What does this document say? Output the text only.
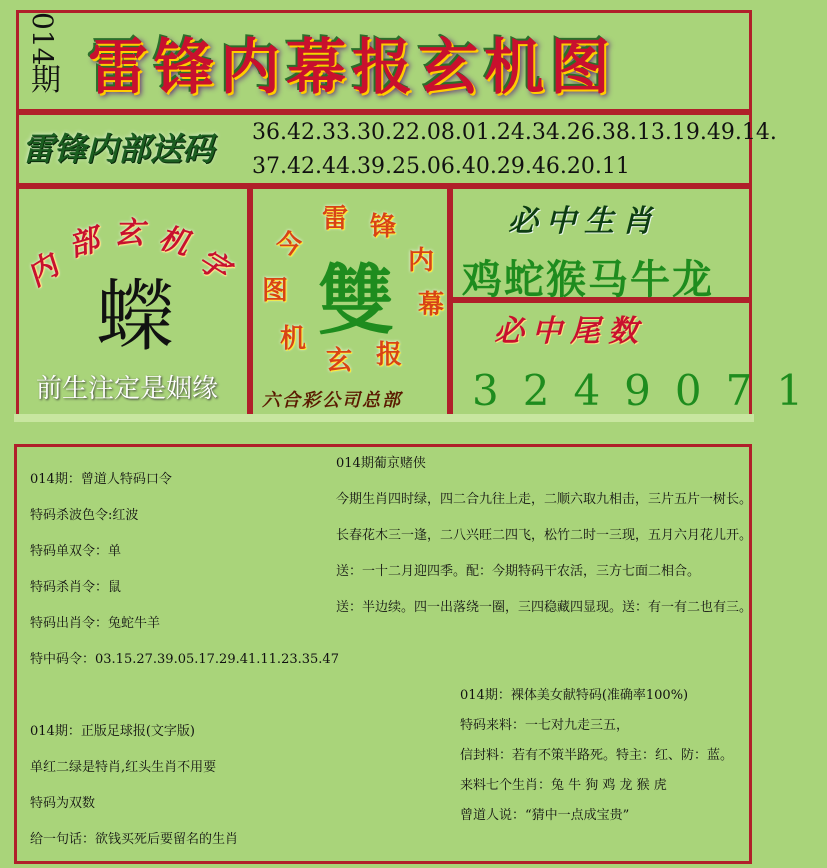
014
期 雷锋内幕报玄机图
雷锋内部送码 36.42.33.30.22.08.01.24.34.26.38.13.19.49.14.
37.42.44.39.25.06.40.29.46.20.11
内
部 玄 机
字
蠑
前生注定是姻缘
雷 锋
内
幕
报
玄
机
图
今
雙
六合彩公司总部
必中生肖
鸡蛇猴马牛龙
必中尾数
3249071
014期：曾道人特码口令
特码杀波色令:红波
特码单双令：单
特码杀肖令：鼠
特码出肖令：兔蛇牛羊
特中码令：03.15.27.39.05.17.29.41.11.23.35.47
014期：正版足球报(文字版)
单红二绿是特肖,红头生肖不用要
特码为双数
给一句话：欲钱买死后要留名的生肖
014期葡京赌侠
今期生肖四时绿，四二合九往上走，二顺六取九相击，三片五片一树长。
长春花木三一逢，二八兴旺二四飞，松竹二时一三现，五月六月花儿开。
送：一十二月迎四季。配：今期特码干农活，三方七面二相合。
送：半边续。四一出落绕一圈，三四稳藏四显现。送：有一有二也有三。
014期：裸体美女献特码(准确率100%)
特码来料：一七对九走三五，
信封料：若有不策半路死。特主：红、防：蓝。
来料七个生肖：兔 牛 狗 鸡 龙 猴 虎
曾道人说：“猜中一点成宝贵”
